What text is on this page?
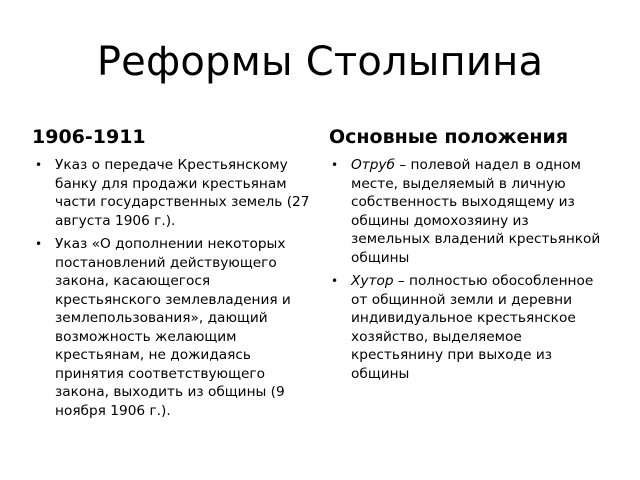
Реформы Столыпина
1906-1911	Основные положения
• Указ о передаче Крестьянскому банку для продажи крестьянам части государственных земель (27 августа 1906 г.).
• Указ «О дополнении некоторых постановлений действующего закона, касающегося крестьянского землевладения и землепользования», дающий возможность желающим крестьянам, не дожидаясь принятия соответствующего закона, выходить из общины (9 ноября 1906 г.).
• Отруб – полевой надел в одном месте, выделяемый в личную собственность выходящему из общины домохозяину из земельных владений крестьянкой общины
• Хутор – полностью обособленное от общинной земли и деревни индивидуальное крестьянское хозяйство, выделяемое крестьянину при выходе из общины
